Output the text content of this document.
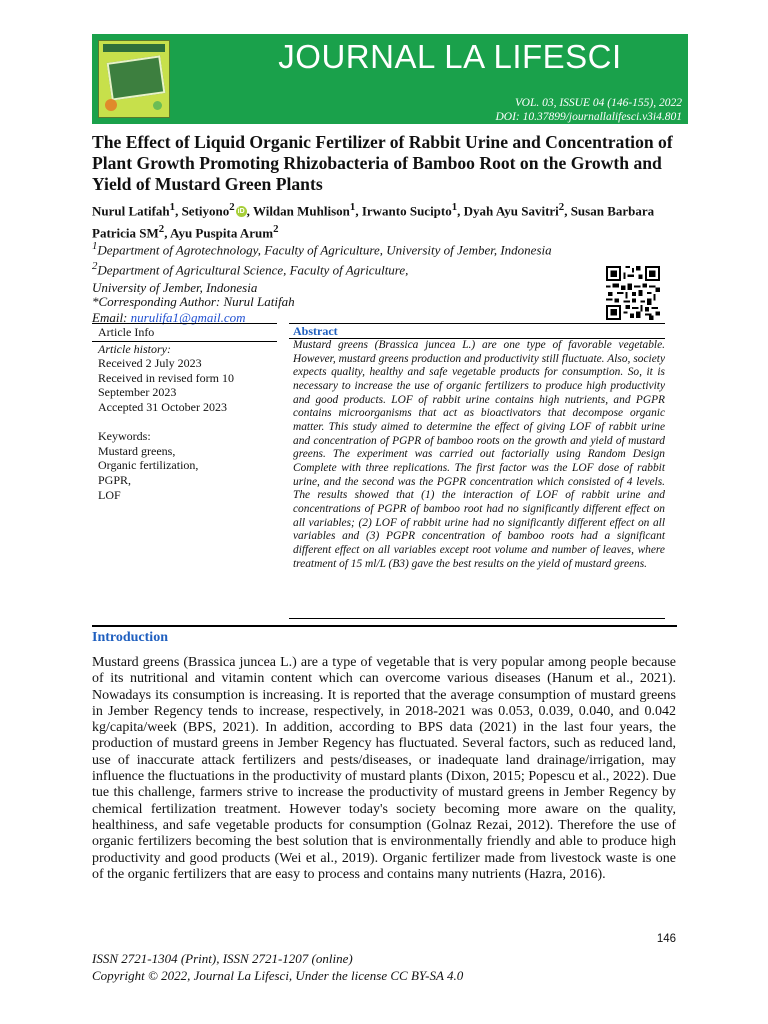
JOURNAL LA LIFESCI
VOL. 03, ISSUE 04 (146-155), 2022
DOI: 10.37899/journallalifesci.v3i4.801
The Effect of Liquid Organic Fertilizer of Rabbit Urine and Concentration of Plant Growth Promoting Rhizobacteria of Bamboo Root on the Growth and Yield of Mustard Green Plants
Nurul Latifah$^1$, Setiyono$^2$ iD , Wildan Muhlison$^1$, Irwanto Sucipto$^1$, Dyah Ayu Savitri$^2$, Susan Barbara Patricia $SM^2$, Ayu Puspita Arum$^2$
$^1$Department of Agrotechnology, Faculty of Agriculture, University of Jember, Indonesia
$^2$Department of Agricultural Science, Faculty of Agriculture,
University of Jember, Indonesia
*Corresponding Author: Nurul Latifah
Email: nurulifa1@gmail.com
Article Info
Article history:
Received 2 July 2023
Received in revised form 10 September 2023
Accepted 31 October 2023
Keywords:
Mustard greens,
Organic fertilization,
PGPR,
LOF
Abstract
Mustard greens (Brassica juncea L.) are one type of favorable vegetable. However, mustard greens production and productivity still fluctuate. Also, society expects quality, healthy and safe vegetable products for consumption. So, it is necessary to increase the use of organic fertilizers to produce high productivity and good products. LOF of rabbit urine contains high nutrients, and PGPR contains microorganisms that act as bioactivators that decompose organic matter. This study aimed to determine the effect of giving LOF of rabbit urine and concentration of PGPR of bamboo roots on the growth and yield of mustard greens. The experiment was carried out factorially using Random Design Complete with three replications. The first factor was the LOF dose of rabbit urine, and the second was the PGPR concentration which consisted of 4 levels. The results showed that (1) the interaction of LOF of rabbit urine and concentrations of PGPR of bamboo root had no significantly different effect on all variables; (2) LOF of rabbit urine had no significantly different effect on all variables and (3) PGPR concentration of bamboo roots had a significant different effect on all variables except root volume and number of leaves, where treatment of 15 ml/L (B3) gave the best results on the yield of mustard greens.
Introduction
Mustard greens (Brassica juncea L.) are a type of vegetable that is very popular among people because of its nutritional and vitamin content which can overcome various diseases (Hanum et al., 2021). Nowadays its consumption is increasing. It is reported that the average consumption of mustard greens in Jember Regency tends to increase, respectively, in 2018-2021 was 0.053, 0.039, 0.040, and 0.042 kg/capita/week (BPS, 2021). In addition, according to BPS data (2021) in the last four years, the production of mustard greens in Jember Regency has fluctuated. Several factors, such as reduced land, use of inaccurate attack fertilizers and pests/diseases, or inadequate land drainage/irrigation, may influence the fluctuations in the productivity of mustard plants (Dixon, 2015; Popescu et al., 2022). Due tue this challenge, farmers strive to increase the productivity of mustard greens in Jember Regency by chemical fertilization treatment. However today's society becoming more aware on the quality, healthiness, and safe vegetable products for consumption (Golnaz Rezai, 2012). Therefore the use of organic fertilizers becoming the best solution that is environmentally friendly and able to produce high productivity and good products (Wei et al., 2019). Organic fertilizer made from livestock waste is one of the organic fertilizers that are easy to process and contains many nutrients (Hazra, 2016).
146
ISSN 2721-1304 (Print), ISSN 2721-1207 (online)
Copyright © 2022, Journal La Lifesci, Under the license CC BY-SA 4.0
